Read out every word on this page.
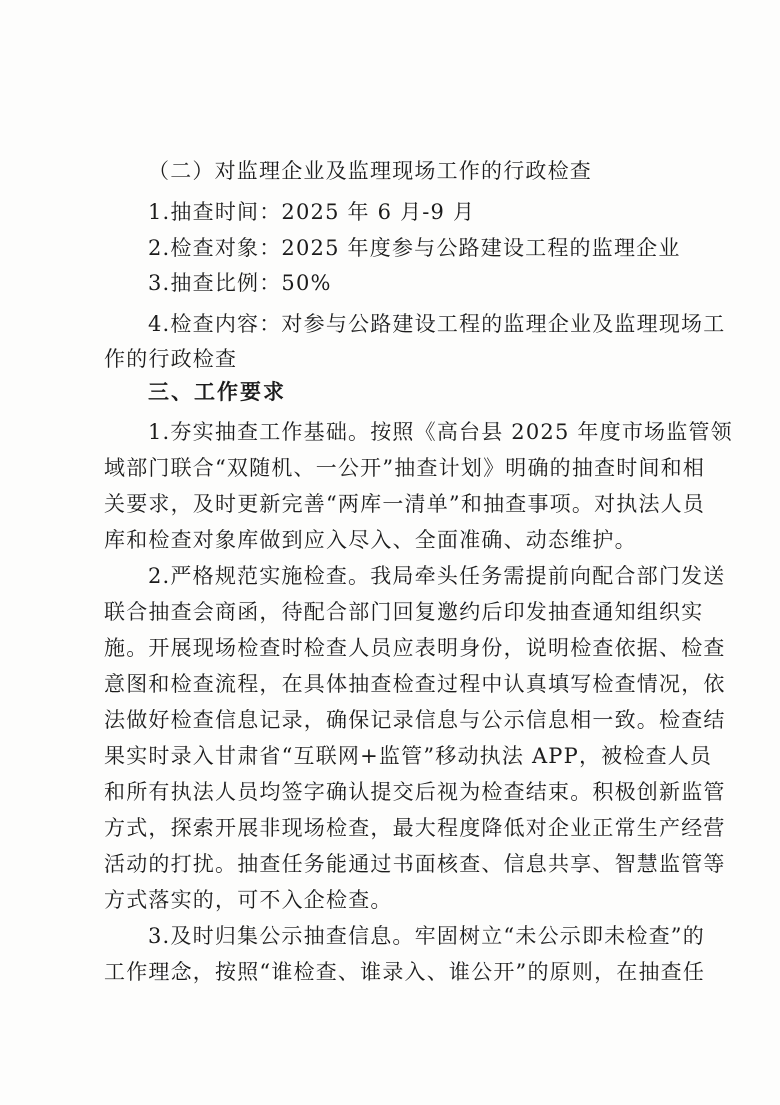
（二）对监理企业及监理现场工作的行政检查
1.抽查时间：2025 年 6 月-9 月
2.检查对象：2025 年度参与公路建设工程的监理企业
3.抽查比例：50%
4.检查内容：对参与公路建设工程的监理企业及监理现场工
作的行政检查
三、工作要求
1.夯实抽查工作基础。按照《高台县 2025 年度市场监管领
域部门联合“双随机、一公开”抽查计划》明确的抽查时间和相
关要求，及时更新完善“两库一清单”和抽查事项。对执法人员
库和检查对象库做到应入尽入、全面准确、动态维护。
2.严格规范实施检查。我局牵头任务需提前向配合部门发送
联合抽查会商函，待配合部门回复邀约后印发抽查通知组织实
施。开展现场检查时检查人员应表明身份，说明检查依据、检查
意图和检查流程，在具体抽查检查过程中认真填写检查情况，依
法做好检查信息记录，确保记录信息与公示信息相一致。检查结
果实时录入甘肃省“互联网+监管”移动执法 APP，被检查人员
和所有执法人员均签字确认提交后视为检查结束。积极创新监管
方式，探索开展非现场检查，最大程度降低对企业正常生产经营
活动的打扰。抽查任务能通过书面核查、信息共享、智慧监管等
方式落实的，可不入企检查。
3.及时归集公示抽查信息。牢固树立“未公示即未检查”的
工作理念，按照“谁检查、谁录入、谁公开”的原则，在抽查任
